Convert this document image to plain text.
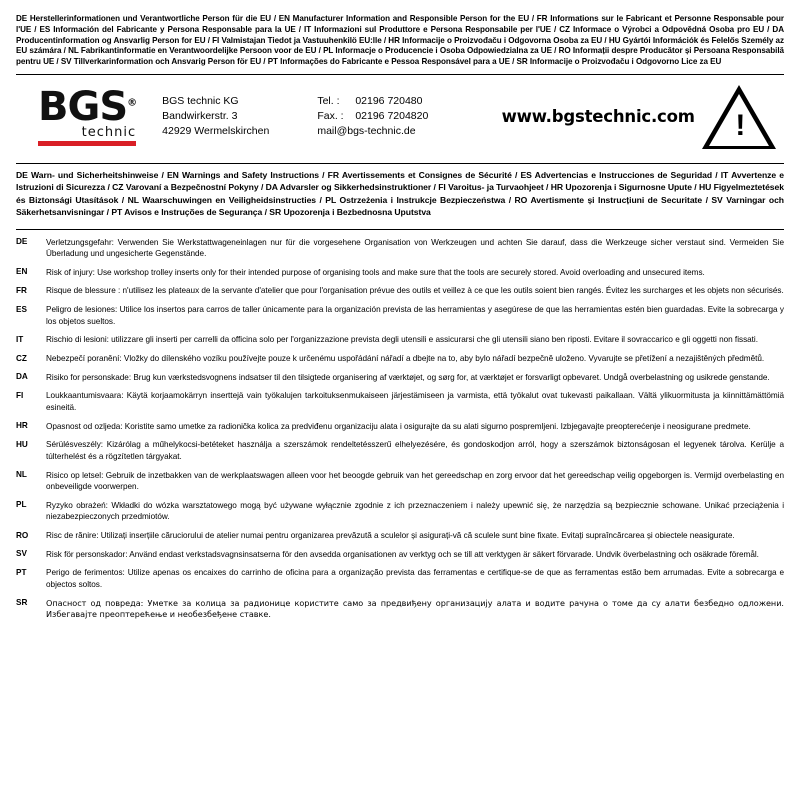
DE Herstellerinformationen und Verantwortliche Person für die EU / EN Manufacturer Information and Responsible Person for the EU / FR Informations sur le Fabricant et Personne Responsable pour l'UE / ES Información del Fabricante y Persona Responsable para la UE / IT Informazioni sul Produttore e Persona Responsabile per l'UE / CZ Informace o Výrobci a Odpovědná Osoba pro EU / DA Producentinformation og Ansvarlig Person for EU / FI Valmistajan Tiedot ja Vastuuhenkilö EU:lle / HR Informacije o Proizvođaču i Odgovorna Osoba za EU / HU Gyártói Információk és Felelős Személy az EU számára / NL Fabrikantinformatie en Verantwoordelijke Persoon voor de EU / PL Informacje o Producencie i Osoba Odpowiedzialna za UE / RO Informații despre Producător și Persoana Responsabilă pentru UE / SV Tillverkarinformation och Ansvarig Person för EU / PT Informações do Fabricante e Pessoa Responsável para a UE / SR Informacije o Proizvođaču i Odgovorno Lice za EU
BGS®
technic
BGS technic KG
Bandwirkerstr. 3
42929 Wermelskirchen
Tel. :	02196 720480
Fax. :	02196 7204820
mail@ bgs-technic.de
www.bgstechnic.com !
DE Warn- und Sicherheitshinweise / EN Warnings and Safety Instructions / FR Avertissements et Consignes de Sécurité / ES Advertencias e Instrucciones de Seguridad / IT Avvertenze e Istruzioni di Sicurezza / CZ Varovaní a Bezpečnostní Pokyny / DA Advarsler og Sikkerhedsinstruktioner / FI Varoitus- ja Turvaohjeet / HR Upozorenja i Sigurnosne Upute / HU Figyelmeztetések és Biztonsági Utasítások / NL Waarschuwingen en Veiligheidsinstructies / PL Ostrzeżenia i Instrukcje Bezpieczeństwa / RO Avertismente și Instrucțiuni de Securitate / SV Varningar och Säkerhetsanvisningar / PT Avisos e Instruções de Segurança / SR Upozorenja i Bezbednosna Uputstva
DE	Verletzungsgefahr: Verwenden Sie Werkstattwageneinlagen nur für die vorgesehene Organisation von Werkzeugen und achten Sie darauf, dass die Werkzeuge sicher verstaut sind. Vermeiden Sie Überladung und ungesicherte Gegenstände.
EN	Risk of injury: Use workshop trolley inserts only for their intended purpose of organising tools and make sure that the tools are securely stored. Avoid overloading and unsecured items.
FR	Risque de blessure : n'utilisez les plateaux de la servante d'atelier que pour l'organisation prévue des outils et veillez à ce que les outils soient bien rangés. Évitez les surcharges et les objets non sécurisés.
ES	Peligro de lesiones: Utilice los insertos para carros de taller únicamente para la organización prevista de las herramientas y asegúrese de que las herramientas estén bien guardadas. Evite la sobrecarga y los objetos sueltos.
IT	Rischio di lesioni: utilizzare gli inserti per carrelli da officina solo per l'organizzazione prevista degli utensili e assicurarsi che gli utensili siano ben riposti. Evitare il sovraccarico e gli oggetti non fissati.
CZ	Nebezpečí poranění: Vložky do dílenského vozíku používejte pouze k určenému uspořádání nářadí a dbejte na to, aby bylo nářadí bezpečně uloženo. Vyvarujte se přetížení a nezajištěných předmětů.
DA	Risiko for personskade: Brug kun værkstedsvognens indsatser til den tilsigtede organisering af værktøjet, og sørg for, at værktøjet er forsvarligt opbevaret. Undgå overbelastning og usikrede genstande.
FI	Loukkaantumisvaara: Käytä korjaamokärryn inserttejä vain työkalujen tarkoituksenmukaiseen järjestämiseen ja varmista, että työkalut ovat tukevasti paikallaan. Vältä ylikuormitusta ja kiinnittämättömiä esineitä.
HR	Opasnost od ozljeda: Koristite samo umetke za radionička kolica za predviđenu organizaciju alata i osigurajte da su alati sigurno pospremljeni. Izbjegavajte preopterećenje i neosigurane predmete.
HU	Sérülésveszély: Kizárólag a műhelykocsi-betéteket használja a szerszámok rendeltetésszerű elhelyezésére, és gondoskodjon arról, hogy a szerszámok biztonságosan el legyenek tárolva. Kerülje a túlterhelést és a rögzítetlen tárgyakat.
NL	Risico op letsel: Gebruik de inzetbakken van de werkplaatswagen alleen voor het beoogde gebruik van het gereedschap en zorg ervoor dat het gereedschap veilig opgeborgen is. Vermijd overbelasting en onbeveiligde voorwerpen.
PL	Ryzyko obrażeń: Wkładki do wózka warsztatowego mogą być używane wyłącznie zgodnie z ich przeznaczeniem i należy upewnić się, że narzędzia są bezpiecznie schowane. Unikać przeciążenia i niezabezpieczonych przedmiotów.
RO	Risc de rănire: Utilizați inserțiile căruciorului de atelier numai pentru organizarea prevăzută a sculelor și asigurați-vă că sculele sunt bine fixate. Evitați supraîncărcarea și obiectele neasigurate.
SV	Risk för personskador: Använd endast verkstadsvagnsinsatserna för den avsedda organisationen av verktyg och se till att verktygen är säkert förvarade. Undvik överbelastning och osäkrade föremål.
PT	Perigo de ferimentos: Utilize apenas os encaixes do carrinho de oficina para a organização prevista das ferramentas e certifique-se de que as ferramentas estão bem arrumadas. Evite a sobrecarga e objectos soltos.
SR	Опасност од повреда: Уметке за колица за радионице користите само за предвиђену организацију алата и водите рачуна о томе да су алати безбедно одложени. Избегавајте преоптерећење и необезбеђене ставке.
